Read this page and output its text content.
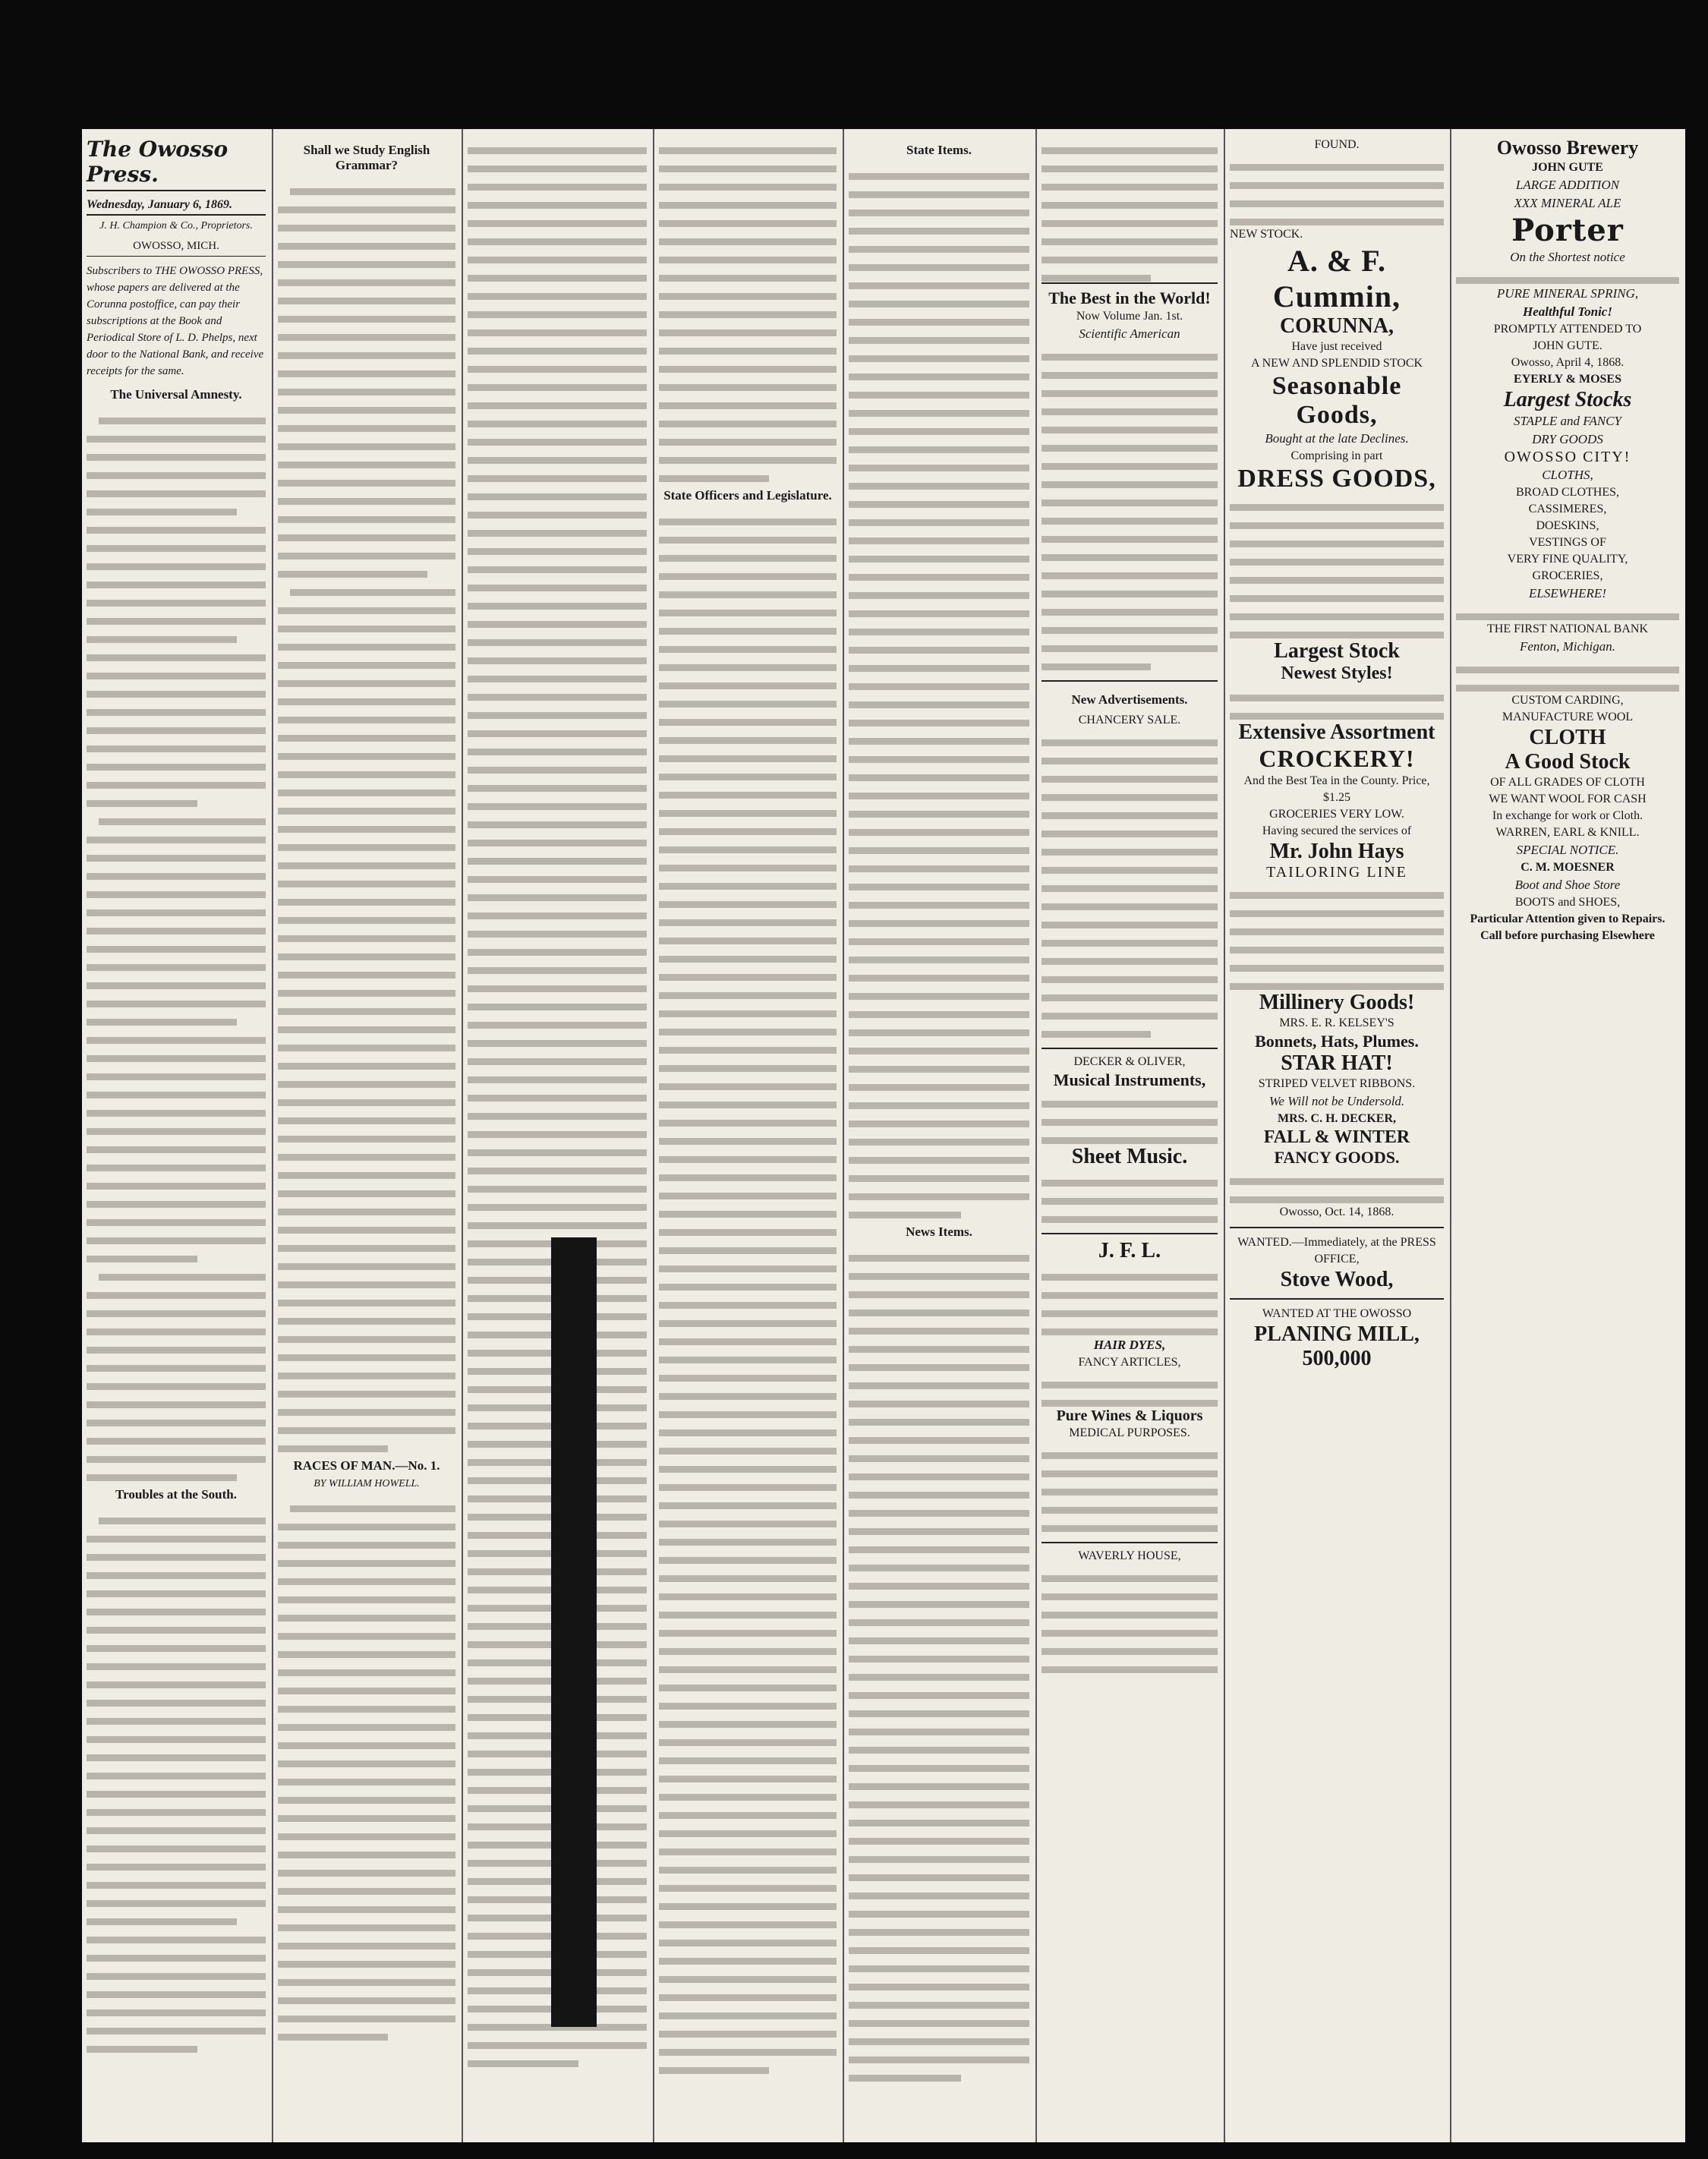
The Owosso Press.
Wednesday, January 6, 1869.
J. H. Champion & Co., Proprietors.
OWOSSO, MICH.

Subscribers to THE OWOSSO PRESS, whose papers are delivered at the Corunna postoffice, can pay their subscriptions at the Book and Periodical Store of L. D. Phelps, next door to the National Bank, and receive receipts for the same.

The Universal Amnesty.
Troubles at the South.
Shall we Study English Grammar?
RACES OF MAN.—No. 1.
BY WILLIAM HOWELL.
State Officers and Legislature.
State Items.
News Items.
The Best in the World!
Now Volume Jan. 1st.
Scientific American
New Advertisements.
CHANCERY SALE.
DECKER & OLIVER,
Musical Instruments,
Sheet Music.
J. F. L.
HAIR DYES,
FANCY ARTICLES,
Pure Wines & Liquors
MEDICAL PURPOSES.
WAVERLY HOUSE,
FOUND.
NEW STOCK.
A. & F. Cummin,
CORUNNA,
Have just received
A NEW AND SPLENDID STOCK
Seasonable Goods,
Bought at the late Declines.
Comprising in part
DRESS GOODS,
Largest Stock
Newest Styles!
Extensive Assortment
CROCKERY!
And the Best Tea in the County. Price, $1.25
GROCERIES VERY LOW.
Having secured the services of
Mr. John Hays
TAILORING LINE
Millinery Goods!
MRS. E. R. KELSEY'S
Bonnets, Hats, Plumes.
STAR HAT!
STRIPED VELVET RIBBONS.
We Will not be Undersold.
MRS. C. H. DECKER,
FALL & WINTER
FANCY GOODS.
Owosso, Oct. 14, 1868.
WANTED.—Immediately, at the PRESS OFFICE,
Stove Wood,
WANTED AT THE OWOSSO
PLANING MILL,
500,000
Owosso Brewery
JOHN GUTE
LARGE ADDITION
XXX MINERAL ALE
Porter
On the Shortest notice
PURE MINERAL SPRING,
Healthful Tonic!
PROMPTLY ATTENDED TO
JOHN GUTE.
Owosso, April 4, 1868.
EYERLY & MOSES
Largest Stocks
STAPLE and FANCY
DRY GOODS
OWOSSO CITY!
CLOTHS,
BROAD CLOTHES,
CASSIMERES,
DOESKINS,
VESTINGS OF
VERY FINE QUALITY,
GROCERIES,
ELSEWHERE!
THE FIRST NATIONAL BANK
Fenton, Michigan.
CUSTOM CARDING,
MANUFACTURE WOOL
CLOTH
A Good Stock
OF ALL GRADES OF CLOTH
WE WANT WOOL FOR CASH
In exchange for work or Cloth.
WARREN, EARL & KNILL.
SPECIAL NOTICE.
C. M. MOESNER
Boot and Shoe Store
BOOTS and SHOES,
Particular Attention given to Repairs.
Call before purchasing Elsewhere
